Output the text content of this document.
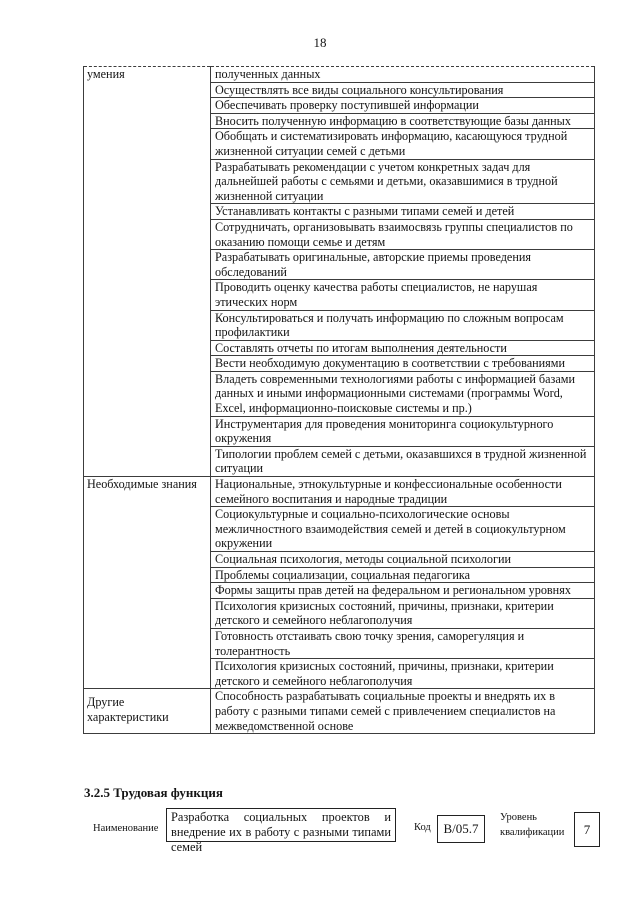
18
умения	полученных данных
	Осуществлять все виды социального консультирования
	Обеспечивать проверку поступившей информации
	Вносить полученную информацию в соответствующие базы данных
	Обобщать и систематизировать информацию, касающуюся трудной жизненной ситуации семей с детьми
	Разрабатывать рекомендации с учетом конкретных задач для дальнейшей работы с семьями и детьми, оказавшимися в трудной жизненной ситуации
	Устанавливать контакты с разными типами семей и детей
	Сотрудничать, организовывать взаимосвязь группы специалистов по оказанию помощи семье и детям
	Разрабатывать оригинальные, авторские приемы проведения обследований
	Проводить оценку качества работы специалистов, не нарушая этических норм
	Консультироваться и получать информацию по сложным вопросам профилактики
	Составлять отчеты по итогам выполнения деятельности
	Вести необходимую документацию в соответствии с требованиями
	Владеть современными технологиями работы с информацией базами данных и иными информационными системами (программы Word, Excel, информационно-поисковые системы и пр.)
	Инструментария для проведения мониторинга социокультурного окружения
	Типологии проблем семей с детьми, оказавшихся в трудной жизненной ситуации
Необходимые знания	Национальные, этнокультурные и конфессиональные особенности семейного воспитания и народные традиции
	Социокультурные и социально-психологические основы межличностного взаимодействия семей и детей в социокультурном окружении
	Социальная психология, методы социальной психологии
	Проблемы социализации, социальная педагогика
	Формы защиты прав детей на федеральном и региональном уровнях
	Психология кризисных состояний, причины, признаки, критерии детского и семейного неблагополучия
	Готовность отстаивать свою точку зрения, саморегуляция и толерантность
	Психология кризисных состояний, причины, признаки, критерии детского и семейного неблагополучия
Другие характеристики	Способность разрабатывать социальные проекты и внедрять их в работу с разными типами семей с привлечением специалистов на межведомственной основе
3.2.5 Трудовая функция
Наименование
Разработка социальных проектов и внедрение их в работу с разными типами семей
Код B/05.7
Уровень
квалификации	7
